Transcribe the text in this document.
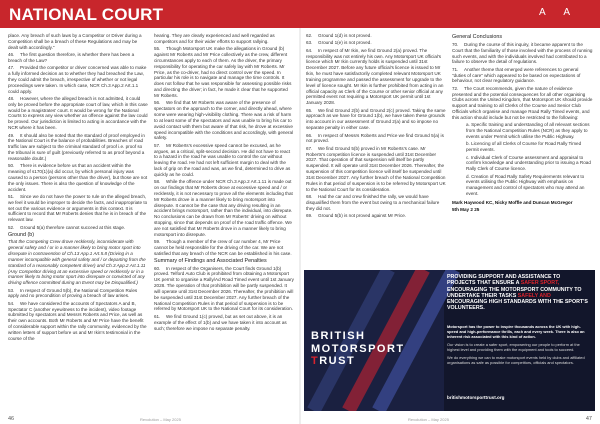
NATIONAL COURT	A A

place. Any breach of such laws by a Competitor or Driver during a Competition shall be a breach of these Regulations and may be dealt with accordingly."

46. The first question therefore, is whether there has been a breach of the Law?

47. Provided the competitor or driver concerned was able to make a fully informed decision as to whether they had breached the Law, they could admit the breach, irrespective of whether or not legal proceedings were taken. In which case, NCR Ch.3 App.2 Art.1.1 could apply.

48. However, where the alleged breach is not admitted, it could only be proved before the appropriate court of law, which in this case would be a magistrates' court. It would be wrong for the National Courts to express any view whether an offence against the law could be proved. Our jurisdiction is limited to acting in accordance with the NCR where it has been.

49. It should also be noted that the standard of proof employed in the National Court is the balance of probabilities. Breaches of road traffic law are subject to the criminal standard of proof i.e. proof so the tribunal is sure of guilt (previously referred to as proof beyond a reasonable doubt.)

50. There is evidence before us that an accident within the meaning of s170(1)(a) did occur, by which personal injury was caused to a person (persons other than the driver), but those are not the only issues. There is also the question of knowledge of the accident.

51. Since we do not have the power to rule on the alleged breach, we feel it would be improper to decide the facts, and inappropriate to set out the various evidence or arguments in this context. It is sufficient to record that Mr Roberts denies that he is in breach of the relevant law.

52. Ground 5(a) therefore cannot succeed at this stage.

Ground (b)

That the Competing Crew drove recklessly, inconsiderate with general safety and / or in a manner likely to bring motor sport into disrepute in contravention of Ch.13 App.1 Art.5.8 (Driving in a manner incompatible with general safety and / or departing from the standard of a reasonably competent driver) and Ch.3 App.2 Art.1.11 (Any Competitor driving at an excessive speed or recklessly or in a manner likely to bring motor sport into disrepute or convicted of any driving offence committed during an Event may be Disqualified.)

53. In respect of Ground 5(b), the National Competition Rules apply and no precondition of proving a breach of law arises.

54. We have considered the accounts of Spectators A and B, Spectator C (another eyewitness to the incident), video footage submitted by spectators and Messrs Roberts and Price, as well as their own accounts. Both Mr Roberts and Mr Price have the benefit of considerable support within the rally community, evidenced by the written letters of support before us and Mr Ikin's testimonial in the course of the

hearing. They are clearly experienced and well regarded as competitors and for their wider efforts to support rallying.

55. Though Motorsport UK make the allegations in Ground (b) against Mr Roberts and Mr Price collectively as the crew, different circumstances apply to each of them. As the driver, the primary responsibility for operating the car safely lay with Mr Roberts. Mr Price, as the co-driver, had no direct control over the speed. In particular his role is to navigate and manage the time controls. It does not follow that he was responsible for assessing possible risks and directing the driver; in fact, he made it clear that he supported Mr Roberts.

56. We find that Mr Roberts was aware of the presence of spectators on the approach to the corner, and directly ahead, where some were wearing high-visibility clothing. There was a risk of harm to at least some of the spectators and was unable to bring his car to avoid contact with them but aware of that risk, he drove at excessive speed incompatible with the conditions and accordingly, with general safety.

57. Mr Roberts's excessive speed cannot be excused, as he argues, as a critical, split-second decision. He did not have to react to a hazard in the road he was unable to control the car without leaving the road. He had not left sufficient margin to deal with the lack of grip on the road and was, as we find, determined to drive as quickly as he could.

58. While the offence under NCR Ch.3 App.2 Art.1.11 is made out on our findings that Mr Roberts drove at excessive speed and / or recklessly, it is not necessary to prove all the elements including that Mr Roberts drove in a manner likely to bring motorsport into disrepute. It cannot be the case that any driving resulting in an accident brings motorsport, rather than the individual, into disrepute. No conclusions can be drawn from Mr Roberts' driving on without stopping, since that depends on proof of the road traffic offence. We are not satisfied that Mr Roberts drove in a manner likely to bring motorsport into disrepute.

59. Though a member of the crew of car number 4, Mr Price cannot be held responsible for the driving of the car. We are not satisfied that any breach of the NCR can be established in his case.

Summary of Findings and Associated Penalties

60. In respect of the Organisers, the Court finds Ground 1(b) proved. Telford Auto Club is prohibited from obtaining a Motorsport UK permit to organise a Rally/Ad Road Timed event until 1st January 2028. The operation of that prohibition will be partly suspended. It will operate until 31st December 2026. Thereafter, the prohibition will be suspended until 31st December 2027. Any further breach of the National Competition Rules in that period of suspension is to be referred by Motorsport UK to the National Court for its consideration.

61. We find Ground 1(c) proved, but as set out above, it is an example of the effect of 1(b) and we have taken it into account as such; therefore we impose no separate penalty.

62. Ground 1(d) is not proved.

63. Ground 1(e) is not proved.

64. In respect of Mr Ikin, we find Ground 2(a) proved. The responsibility was not entirely his own. Any Motorsport UK official's licence which Mr Ikin currently holds is suspended until 31st December 2027. Before any future official's licence is issued to Mr Ikin, he must have satisfactorily completed relevant Motorsport UK training programme and passed the assessment for upgrade to the level of licence sought. Mr Ikin is further prohibited from acting in an official capacity as Clerk of the Course or other senior official at any permitted event not requiring a Motorsport UK permit until 1st January 2028.

65. We find Ground 2(b) and Ground 2(c) proved. Taking the same approach as we have for Ground 1(b), we have taken these grounds into account in our assessment of Ground 2(a) and so impose no separate penalty in either case.

66. In respect of Messrs Roberts and Price we find Ground 5(a) is not proved.

67. We find Ground 5(b) proved in Mr Roberts's case. Mr Roberts's competition licence is suspended until 31st December 2027. That operation of that suspension will itself be partly suspended. It will operate until 31st December 2026. Thereafter, the suspension of this competition licence will itself be suspended until 31st December 2027. Any further breach of the National Competition Rules in that period of suspension is to be referred by Motorsport UK to the National Court for its consideration.

68. Had the car and crew finished the rally, we would have disqualified them from the event but owing to a mechanical failure they did not.

69. Ground 5(b) is not proved against Mr Price.

General Conclusions

70. During the course of this inquiry, it became apparent to the Court that the familiarity of those involved with the process of running such events, and with the individuals involved had contributed to a failure to observe the detail of regulations.

71. Another theme that emerged were references to general "duties of care" which appeared to be based on expectations of behaviour, not clear regulatory guidance.

72. The Court recommends, given the nature of evidence presented and the potential consequences for all other organising Clubs across the United Kingdom, that Motorsport UK should provide support and training to all Clerks of the Course and Senior Club Officials which organise and manage Road Rally Timed events, and this action should include but not be restricted to the following:

a. Specific training and understanding of all relevant sections from the National Competition Rules (NCR) as they apply to events under Permit which utilise the Public Highway.

b. Licencing of all Clerks of Course for Road Rally Timed permit events.

c. Individual Clerk of Course assessment and appraisal to confirm knowledge and understanding prior to issuing a Road Rally Clerk of Course licence.

d. Creation of Road Rally Safety Requirements relevant to events utilising the Public Highway with emphasis on management and control of spectators who may attend an event.

Mark Haywood KC, Nicky Moffle and Duncan McGregor

5th May 2 25

BRITISH
MOTORSPORT
TRUST
PROVIDING SUPPORT AND ASSISTANCE TO PROJECTS THAT ENSURE A SAFER SPORT, ENCOURAGING THE MOTORSPORT COMMUNITY TO UNDERTAKE THEIR TASKS SAFELY AND ENCOURAGING HIGH STANDARDS WITH THE SPORT'S VOLUNTEERS.

Motorsport has the power to inspire thousands across the UK with high-speed and high-performance thrills, each and every week. There is also an inherent risk associated with this kind of action.

Our vision is to create a safer sport, empowering our people to perform at the highest level and providing them with the equipment and tools to succeed.

We do everything we can to make motorsport events held by clubs and affiliated organisations as safe as possible for competitors, officials and spectators.

britishmotorsporttrust.org
46	Revolution – May 2025	Revolution – May 2025	47
